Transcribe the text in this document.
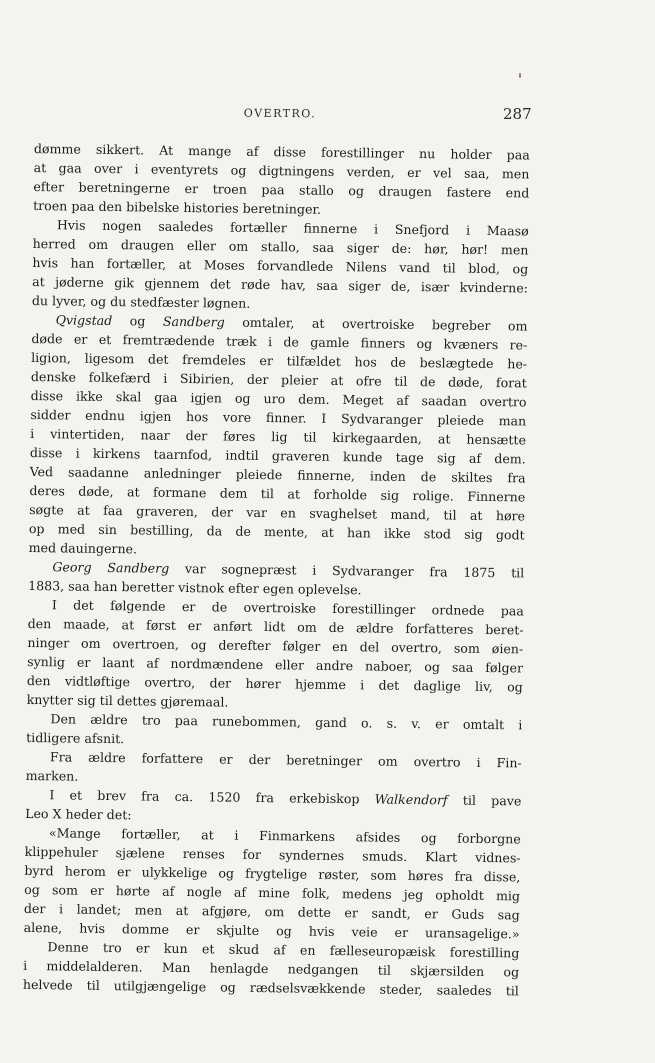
OVERTRO.	287
dømme sikkert. At mange af disse forestillinger nu holder paa
at gaa over i eventyrets og digtningens verden, er vel saa, men
efter beretningerne er troen paa stallo og draugen fastere end
troen paa den bibelske histories beretninger.
Hvis nogen saaledes fortæller finnerne i Snefjord i Maasø
herred om draugen eller om stallo, saa siger de: hør, hør! men
hvis han fortæller, at Moses forvandlede Nilens vand til blod, og
at jøderne gik gjennem det røde hav, saa siger de, især kvinderne:
du lyver, og du stedfæster løgnen.
Qvigstad og Sandberg omtaler, at overtroiske begreber om
døde er et fremtrædende træk i de gamle finners og kvæners re-
ligion, ligesom det fremdeles er tilfældet hos de beslægtede he-
denske folkefærd i Sibirien, der pleier at ofre til de døde, forat
disse ikke skal gaa igjen og uro dem. Meget af saadan overtro
sidder endnu igjen hos vore finner. I Sydvaranger pleiede man
i vintertiden, naar der føres lig til kirkegaarden, at hensætte
disse i kirkens taarnfod, indtil graveren kunde tage sig af dem.
Ved saadanne anledninger pleiede finnerne, inden de skiltes fra
deres døde, at formane dem til at forholde sig rolige. Finnerne
søgte at faa graveren, der var en svaghelset mand, til at høre
op med sin bestilling, da de mente, at han ikke stod sig godt
med dauingerne.
Georg Sandberg var sognepræst i Sydvaranger fra 1875 til
1883, saa han beretter vistnok efter egen oplevelse.
I det følgende er de overtroiske forestillinger ordnede paa
den maade, at først er anført lidt om de ældre forfatteres beret-
ninger om overtroen, og derefter følger en del overtro, som øien-
synlig er laant af nordmændene eller andre naboer, og saa følger
den vidtløftige overtro, der hører hjemme i det daglige liv, og
knytter sig til dettes gjøremaal.
Den ældre tro paa runebommen, gand o. s. v. er omtalt i
tidligere afsnit.
Fra ældre forfattere er der beretninger om overtro i Fin-
marken.
I et brev fra ca. 1520 fra erkebiskop Walkendorf til pave
Leo X heder det:
«Mange fortæller, at i Finmarkens afsides og forborgne
klippehuler sjælene renses for syndernes smuds. Klart vidnes-
byrd herom er ulykkelige og frygtelige røster, som høres fra disse,
og som er hørte af nogle af mine folk, medens jeg opholdt mig
der i landet; men at afgjøre, om dette er sandt, er Guds sag
alene, hvis domme er skjulte og hvis veie er uransagelige.»
Denne tro er kun et skud af en fælleseuropæisk forestilling
i middelalderen. Man henlagde nedgangen til skjærsilden og
helvede til utilgjængelige og rædselsvækkende steder, saaledes til
